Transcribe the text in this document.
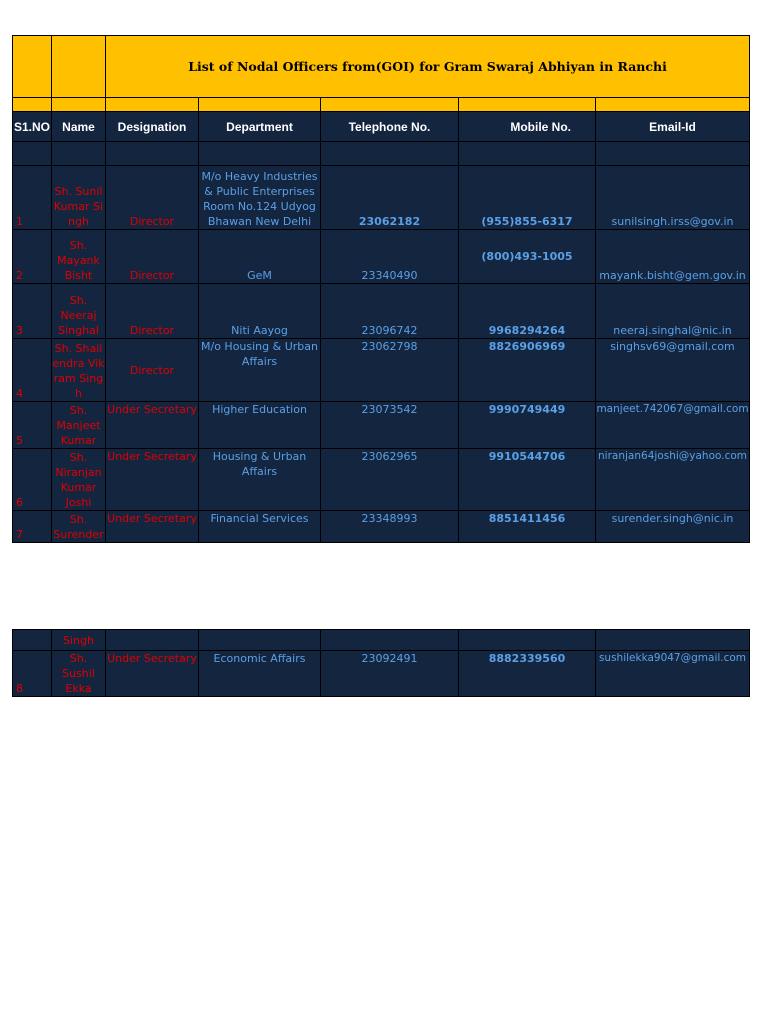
		List of Nodal Officers from(GOI) for Gram Swaraj Abhiyan in Ranchi				

S1.NO	Name	Designation	Department	Telephone No.	Mobile No.	Email-Id

1	Sh. Sunil Kumar Singh	Director	M/o Heavy Industries & Public Enterprises Room No.124 Udyog Bhawan New Delhi	23062182	(955)855-6317	sunilsingh.irss@gov.in
2	Sh. Mayank Bisht	Director	GeM	23340490	(800)493-1005	mayank.bisht@gem.gov.in
3	Sh. Neeraj Singhal	Director	Niti Aayog	23096742	9968294264	neeraj.singhal@nic.in
4	Sh. Shailendra Vikram Singh	Director	M/o Housing & Urban Affairs	23062798	8826906969	singhsv69@gmail.com
5	Sh. Manjeet Kumar	Under Secretary	Higher Education	23073542	9990749449	manjeet.742067@gmail.com
6	Sh. Niranjan Kumar Joshi	Under Secretary	Housing & Urban Affairs	23062965	9910544706	niranjan64joshi@yahoo.com
7	Sh. Surender	Under Secretary	Financial Services	23348993	8851411456	surender.singh@nic.in
	Singh					
8	Sh. Sushil Ekka	Under Secretary	Economic Affairs	23092491	8882339560	sushilekka9047@gmail.com
